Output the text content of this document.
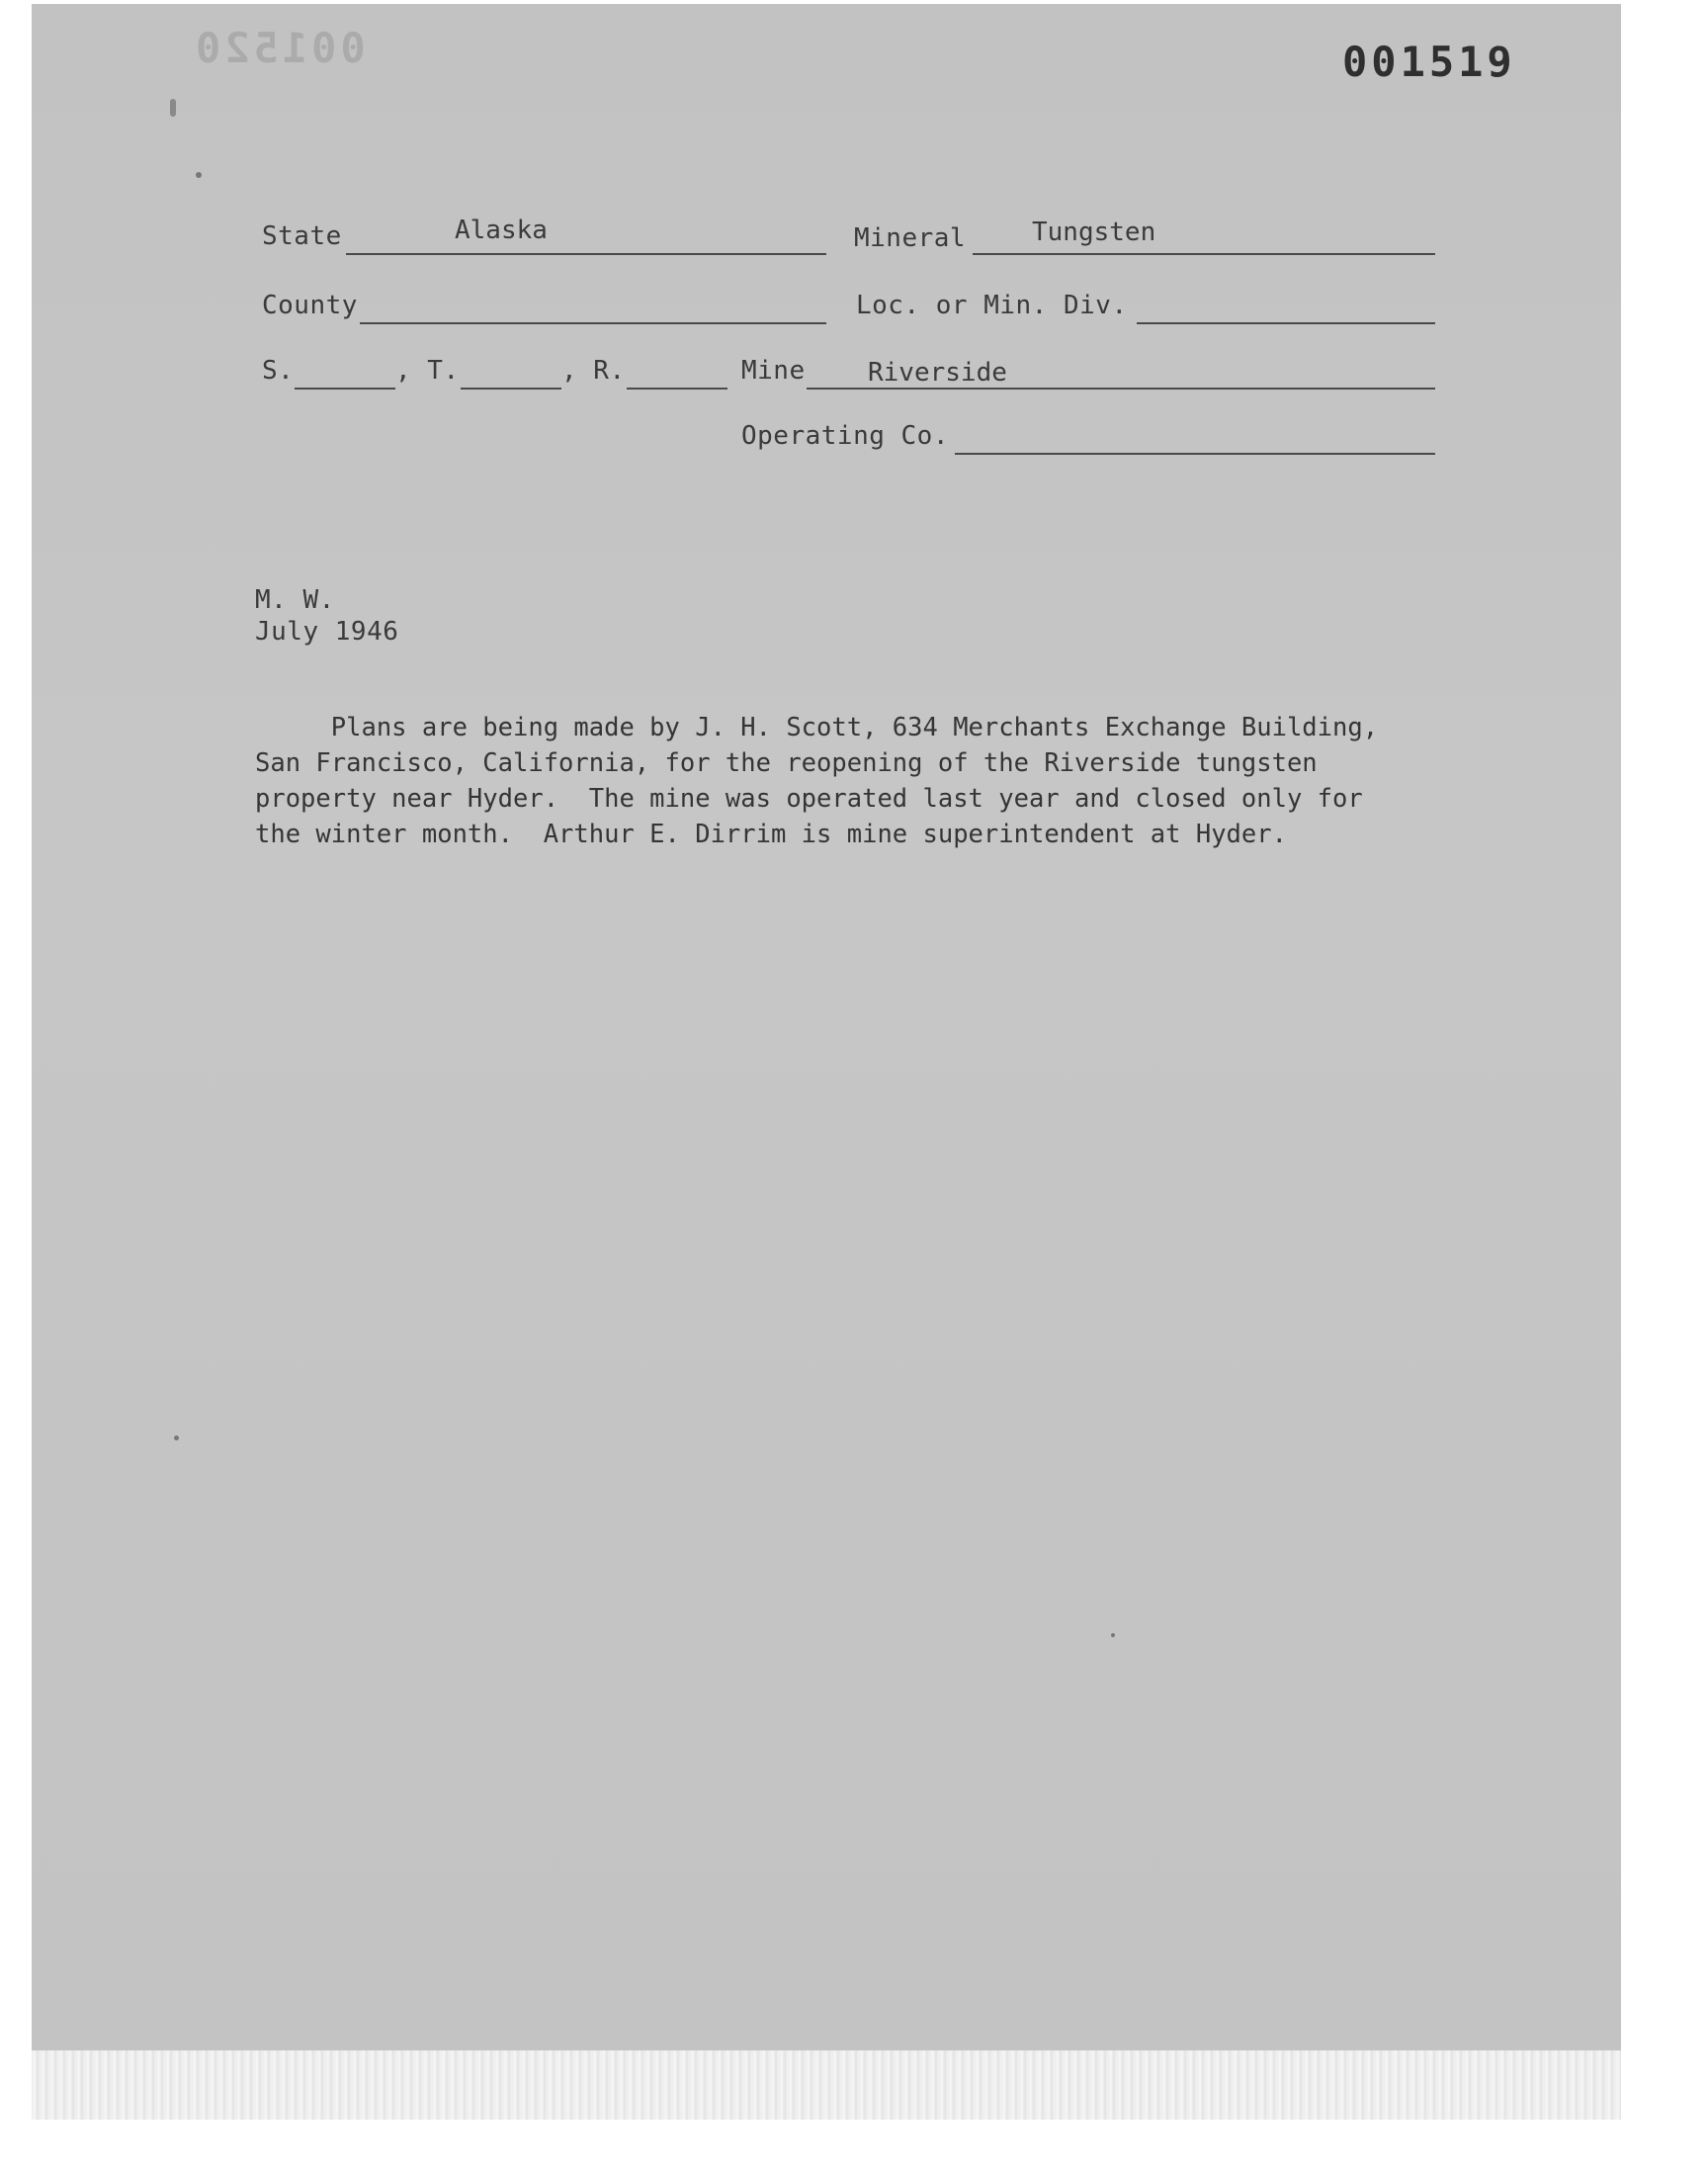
001519
001520
State	Alaska	Mineral	Tungsten
County	Loc. or Min. Div.
S.	, T.	, R.	Mine Riverside
Operating Co.
M. W.
July 1946
Plans are being made by J. H. Scott, 634 Merchants Exchange Building,
San Francisco, California, for the reopening of the Riverside tungsten
property near Hyder.  The mine was operated last year and closed only for
the winter month.  Arthur E. Dirrim is mine superintendent at Hyder.
